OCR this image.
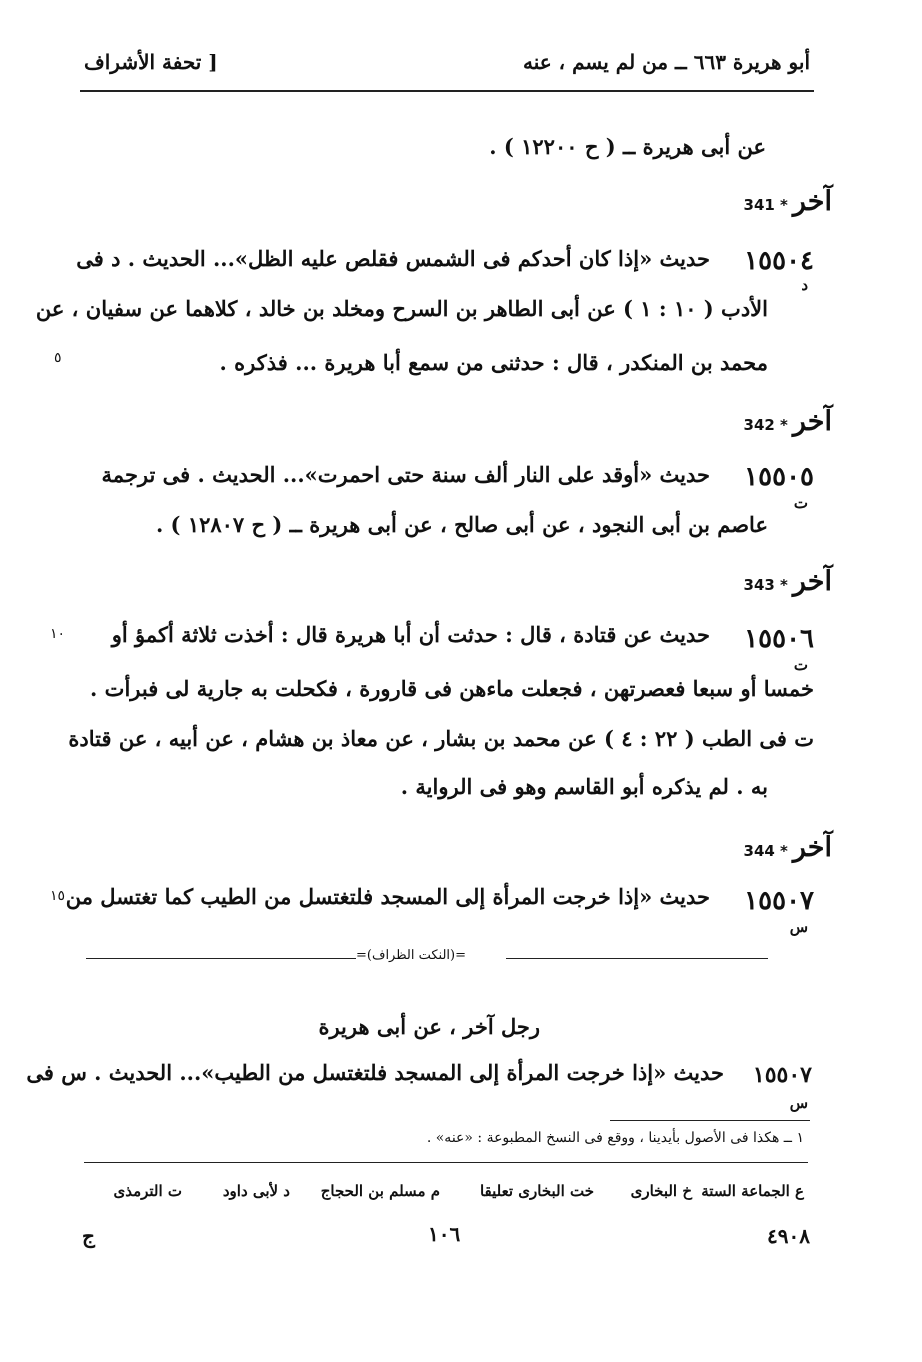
أبو هريرة ٦٦٣ ــ من لم يسم ، عنه
[ تحفة الأشراف
عن أبى هريرة ــ ( ح ١٢٢٠٠ ) .
آخر * 341
١٥٥٠٤
د
حديث «إذا كان أحدكم فى الشمس فقلص عليه الظل»... الحديث . د فى
الأدب ( ١٠ : ١ ) عن أبى الطاهر بن السرح ومخلد بن خالد ، كلاهما عن سفيان ، عن
محمد بن المنكدر ، قال : حدثنى من سمع أبا هريرة ... فذكره .
٥
آخر * 342
١٥٥٠٥
ت
حديث «أوقد على النار ألف سنة حتى احمرت»... الحديث . فى ترجمة
عاصم بن أبى النجود ، عن أبى صالح ، عن أبى هريرة ــ ( ح ١٢٨٠٧ ) .
آخر * 343
١٥٥٠٦
ت
حديث عن قتادة ، قال : حدثت أن أبا هريرة قال : أخذت ثلاثة أكمؤ أو
١٠
خمسا أو سبعا فعصرتهن ، فجعلت ماءهن فى قارورة ، فكحلت به جارية لى فبرأت .
ت فى الطب ( ٢٢ : ٤ ) عن محمد بن بشار ، عن معاذ بن هشام ، عن أبيه ، عن قتادة
به . لم يذكره أبو القاسم وهو فى الرواية .
آخر * 344
١٥٥٠٧
س
حديث «إذا خرجت المرأة إلى المسجد فلتغتسل من الطيب كما تغتسل من
١٥
=(النكت الظراف)=
رجل آخر ، عن أبى هريرة
١٥٥٠٧
س
حديث «إذا خرجت المرأة إلى المسجد فلتغتسل من الطيب»... الحديث . س فى
١ ــ هكذا فى الأصول بأيدينا ، ووقع فى النسخ المطبوعة : «عنه» .
ع الجماعة الستة
خ البخارى
خت البخارى تعليقا
م مسلم بن الحجاج
د لأبى داود
ت الترمذى
٤٩٠٨
١٠٦
ج
